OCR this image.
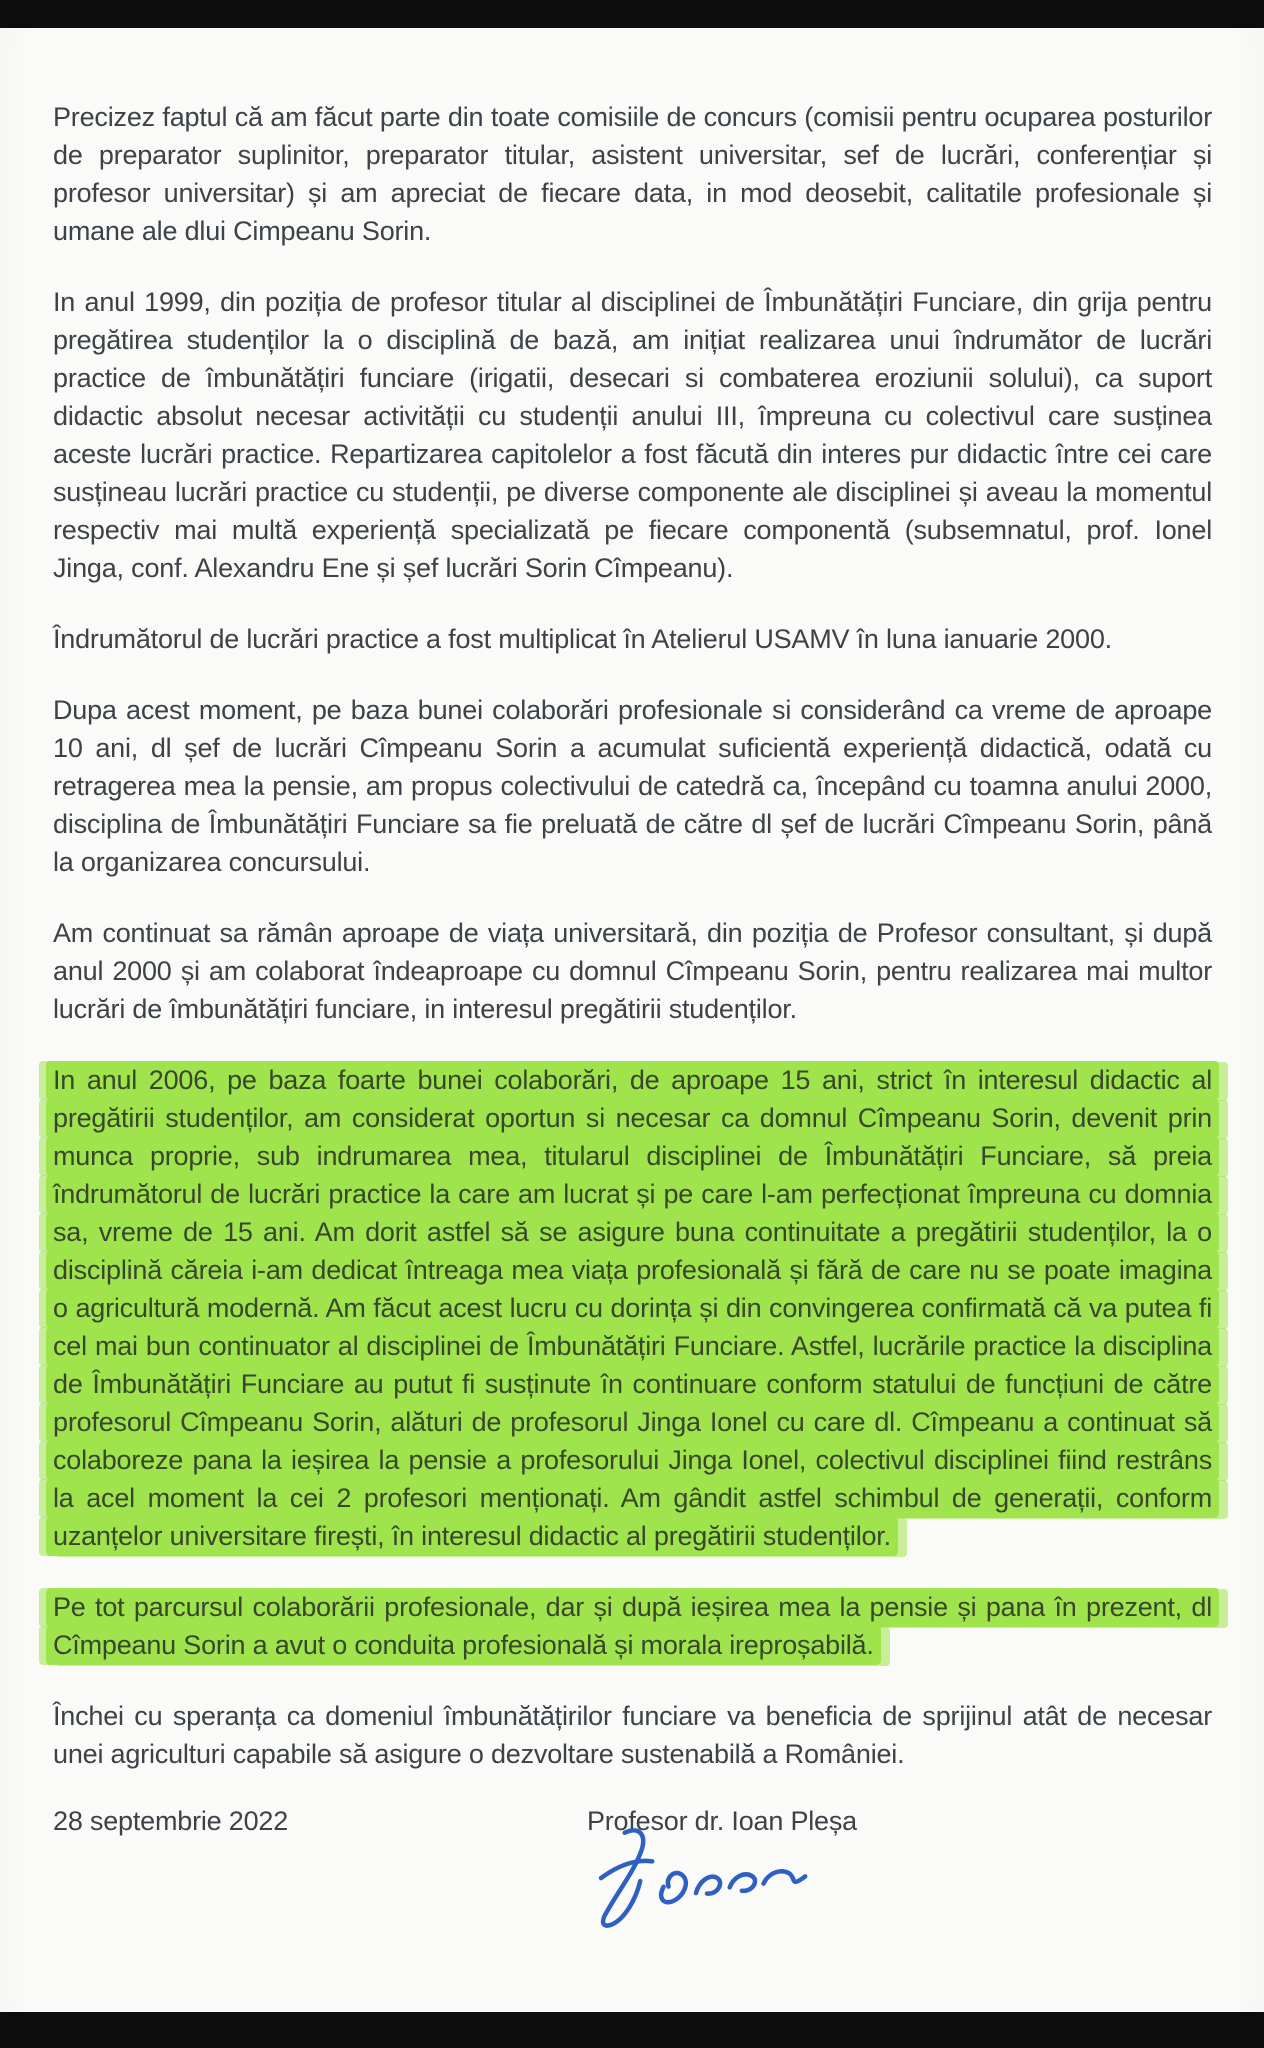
Precizez faptul că am făcut parte din toate comisiile de concurs (comisii pentru ocuparea posturilor de preparator suplinitor, preparator titular, asistent universitar, sef de lucrări, conferențiar și profesor universitar) și am apreciat de fiecare data, in mod deosebit, calitatile profesionale și umane ale dlui Cimpeanu Sorin.

In anul 1999, din poziția de profesor titular al disciplinei de Îmbunătățiri Funciare, din grija pentru pregătirea studenților la o disciplină de bază, am inițiat realizarea unui îndrumător de lucrări practice de îmbunătățiri funciare (irigatii, desecari si combaterea eroziunii solului), ca suport didactic absolut necesar activității cu studenții anului III, împreuna cu colectivul care susținea aceste lucrări practice. Repartizarea capitolelor a fost făcută din interes pur didactic între cei care susțineau lucrări practice cu studenții, pe diverse componente ale disciplinei și aveau la momentul respectiv mai multă experiență specializată pe fiecare componentă (subsemnatul, prof. Ionel Jinga, conf. Alexandru Ene și șef lucrări Sorin Cîmpeanu).

Îndrumătorul de lucrări practice a fost multiplicat în Atelierul USAMV în luna ianuarie 2000.

Dupa acest moment, pe baza bunei colaborări profesionale si considerând ca vreme de aproape 10 ani, dl șef de lucrări Cîmpeanu Sorin a acumulat suficientă experiență didactică, odată cu retragerea mea la pensie, am propus colectivului de catedră ca, începând cu toamna anului 2000, disciplina de Îmbunătățiri Funciare sa fie preluată de către dl șef de lucrări Cîmpeanu Sorin, până la organizarea concursului.

Am continuat sa rămân aproape de viața universitară, din poziția de Profesor consultant, și după anul 2000 și am colaborat îndeaproape cu domnul Cîmpeanu Sorin, pentru realizarea mai multor lucrări de îmbunătățiri funciare, in interesul pregătirii studenților.

In anul 2006, pe baza foarte bunei colaborări, de aproape 15 ani, strict în interesul didactic al pregătirii studenților, am considerat oportun si necesar ca domnul Cîmpeanu Sorin, devenit prin munca proprie, sub indrumarea mea, titularul disciplinei de Îmbunătățiri Funciare, să preia îndrumătorul de lucrări practice la care am lucrat și pe care l-am perfecționat împreuna cu domnia sa, vreme de 15 ani. Am dorit astfel să se asigure buna continuitate a pregătirii studenților, la o disciplină căreia i-am dedicat întreaga mea viața profesională și fără de care nu se poate imagina o agricultură modernă. Am făcut acest lucru cu dorința și din convingerea confirmată că va putea fi cel mai bun continuator al disciplinei de Îmbunătățiri Funciare. Astfel, lucrările practice la disciplina de Îmbunătățiri Funciare au putut fi susținute în continuare conform statului de funcțiuni de către profesorul Cîmpeanu Sorin, alături de profesorul Jinga Ionel cu care dl. Cîmpeanu a continuat să colaboreze pana la ieșirea la pensie a profesorului Jinga Ionel, colectivul disciplinei fiind restrâns la acel moment la cei 2 profesori menționați. Am gândit astfel schimbul de generații, conform uzanțelor universitare firești, în interesul didactic al pregătirii studenților.

Pe tot parcursul colaborării profesionale, dar și după ieșirea mea la pensie și pana în prezent, dl Cîmpeanu Sorin a avut o conduita profesională și morala ireproșabilă.

Închei cu speranța ca domeniul îmbunătățirilor funciare va beneficia de sprijinul atât de necesar unei agriculturi capabile să asigure o dezvoltare sustenabilă a României.

28 septembrie 2022	Profesor dr. Ioan Pleșa
